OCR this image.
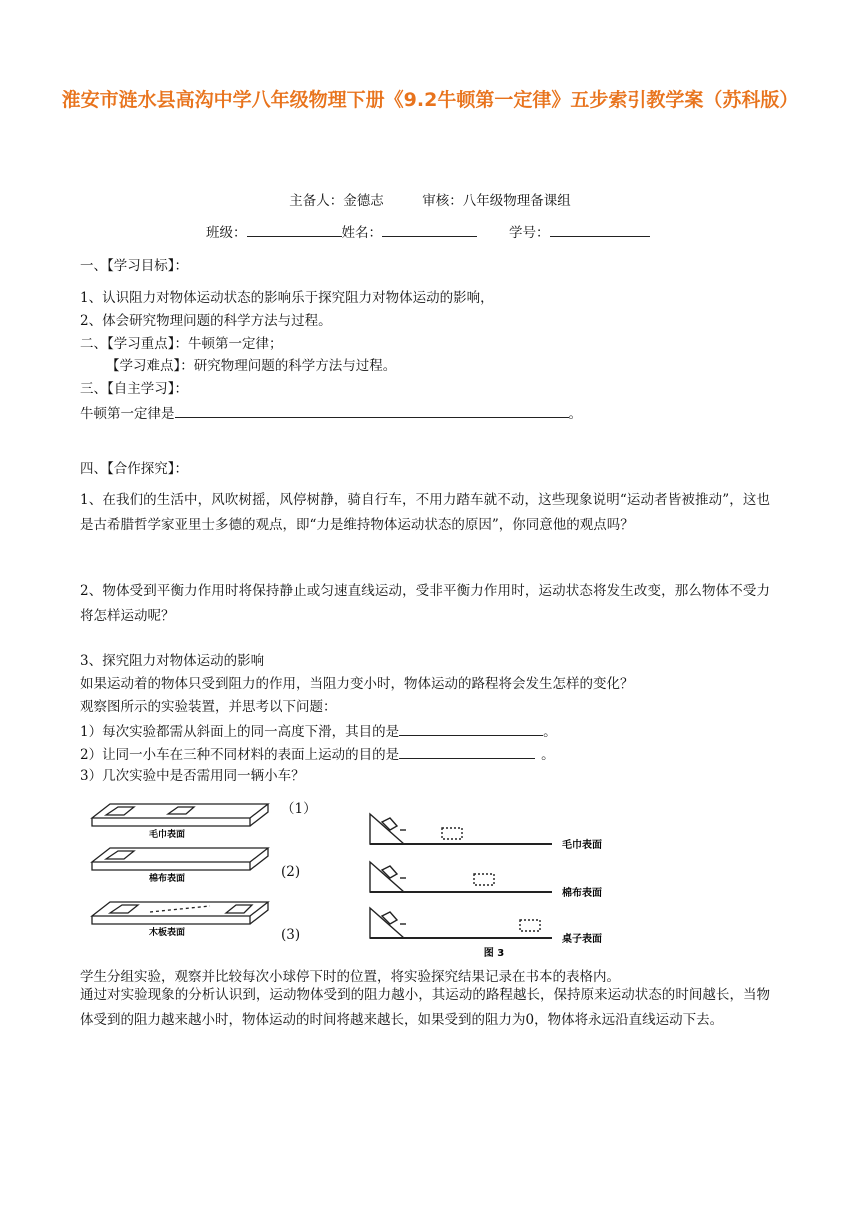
淮安市涟水县高沟中学八年级物理下册《9.2牛顿第一定律》五步索引教学案（苏科版）
主备人：金德志	审核：八年级物理备课组
班级：	姓名：	学号：
一、【学习目标】：
1、认识阻力对物体运动状态的影响乐于探究阻力对物体运动的影响，
2、体会研究物理问题的科学方法与过程。
二、【学习重点】：牛顿第一定律；
【学习难点】：研究物理问题的科学方法与过程。
三、【自主学习】：
牛顿第一定律是	。
四、【合作探究】：
1、在我们的生活中，风吹树摇，风停树静，骑自行车，不用力踏车就不动，这些现象说明“运动者皆被推动”，这也是古希腊哲学家亚里士多德的观点，即“力是维持物体运动状态的原因”，你同意他的观点吗？
2、物体受到平衡力作用时将保持静止或匀速直线运动，受非平衡力作用时，运动状态将发生改变，那么物体不受力将怎样运动呢？
3、探究阻力对物体运动的影响
如果运动着的物体只受到阻力的作用，当阻力变小时，物体运动的路程将会发生怎样的变化？
观察图所示的实验装置，并思考以下问题：
1）每次实验都需从斜面上的同一高度下滑，其目的是	。
2）让同一小车在三种不同材料的表面上运动的目的是	。
3）几次实验中是否需用同一辆小车？
毛巾表面
棉布表面
木板表面
（1）
(2)
(3)
毛巾表面
棉布表面
桌子表面
图 3
学生分组实验，观察并比较每次小球停下时的位置，将实验探究结果记录在书本的表格内。
通过对实验现象的分析认识到，运动物体受到的阻力越小，其运动的路程越长，保持原来运动状态的时间越长，当物体受到的阻力越来越小时，物体运动的时间将越来越长，如果受到的阻力为0，物体将永远沿直线运动下去。
